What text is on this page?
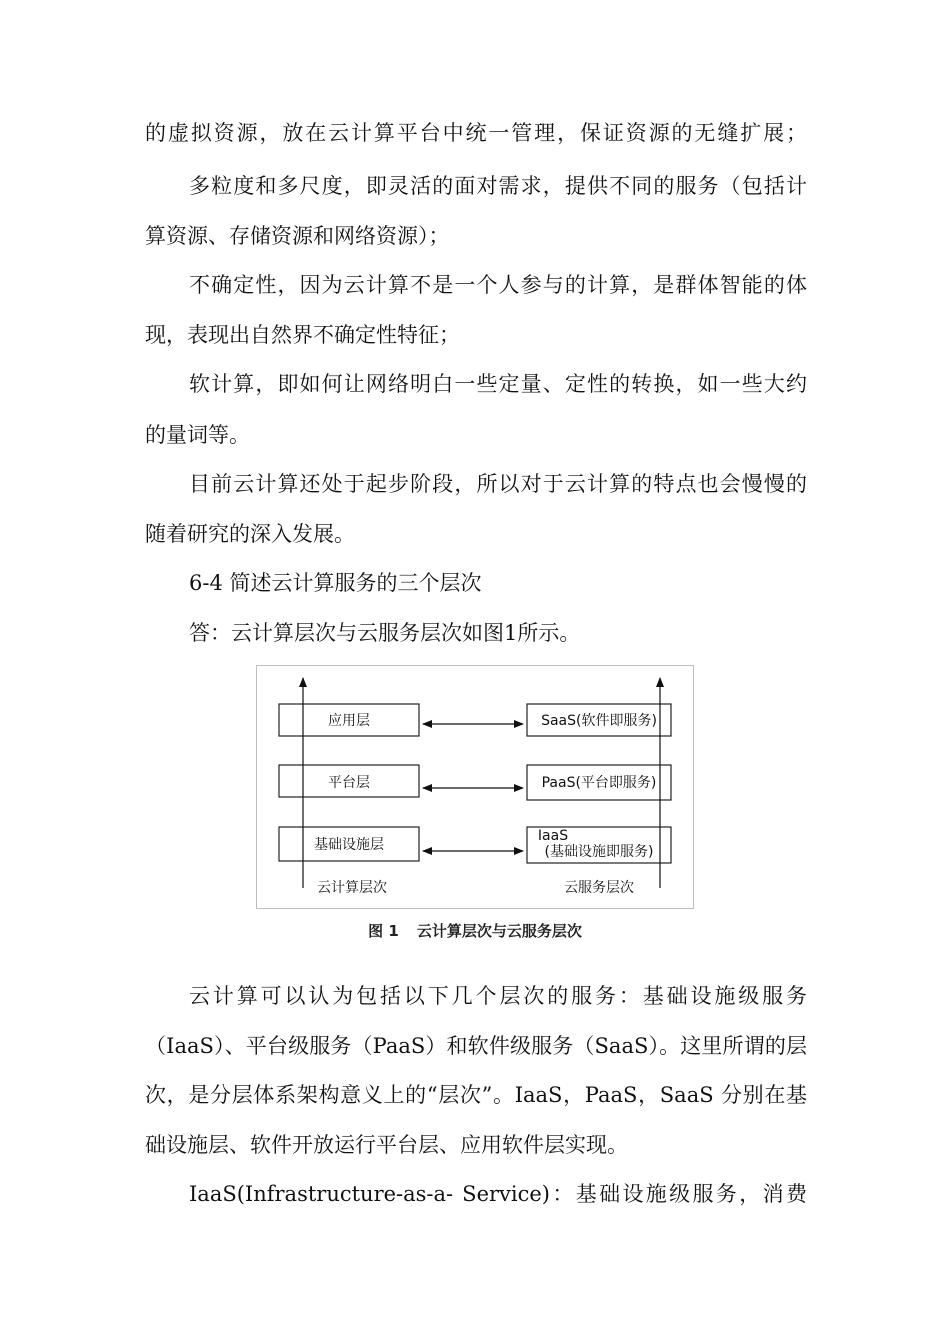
的虚拟资源，放在云计算平台中统一管理，保证资源的无缝扩展；
多粒度和多尺度，即灵活的面对需求，提供不同的服务（包括计
算资源、存储资源和网络资源）；
不确定性，因为云计算不是一个人参与的计算，是群体智能的体
现，表现出自然界不确定性特征；
软计算，即如何让网络明白一些定量、定性的转换，如一些大约
的量词等。
目前云计算还处于起步阶段，所以对于云计算的特点也会慢慢的
随着研究的深入发展。
6-4 简述云计算服务的三个层次
答：云计算层次与云服务层次如图1所示。
应用层
平台层
基础设施层
SaaS(软件即服务)
PaaS(平台即服务)
IaaS
(基础设施即服务)
云计算层次	云服务层次
图 1 云计算层次与云服务层次
云计算可以认为包括以下几个层次的服务：基础设施级服务
（IaaS）、平台级服务（PaaS）和软件级服务（SaaS）。这里所谓的层
次，是分层体系架构意义上的“层次”。IaaS，PaaS，SaaS 分别在基
础设施层、软件开放运行平台层、应用软件层实现。
IaaS(Infrastructure-as-a- Service)：基础设施级服务，消费
